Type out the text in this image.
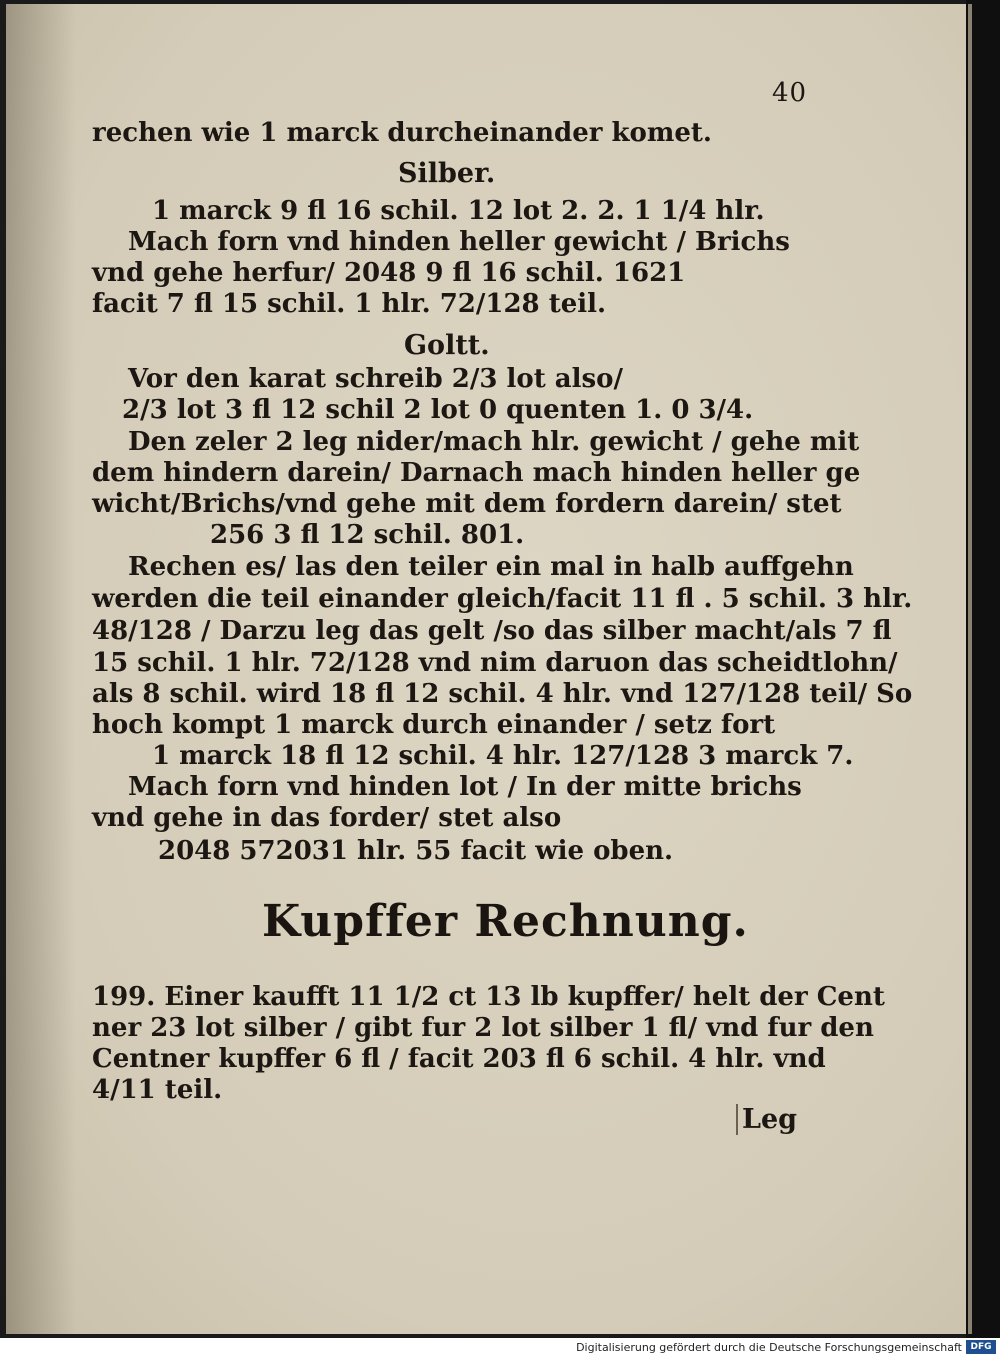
40
rechen wie 1 marck durcheinander komet.
Silber.
1 marck 9 fl 16 schil. 12 lot 2. 2. 1 1/4 hlr.
Mach forn vnd hinden heller gewicht / Brichs
vnd gehe herfur/ 2048 9 fl 16 schil. 1621
facit 7 fl 15 schil. 1 hlr. 72/128 teil.
Goltt.
Vor den karat schreib 2/3 lot also/
2/3 lot 3 fl 12 schil 2 lot 0 quenten 1. 0 3/4.
Den zeler 2 leg nider/mach hlr. gewicht / gehe mit
dem hindern darein/ Darnach mach hinden heller ge
wicht/Brichs/vnd gehe mit dem fordern darein/ stet
256 3 fl 12 schil. 801.
Rechen es/ las den teiler ein mal in halb auffgehn
werden die teil einander gleich/facit 11 fl . 5 schil. 3 hlr.
48/128 / Darzu leg das gelt /so das silber macht/als 7 fl
15 schil. 1 hlr. 72/128 vnd nim daruon das scheidtlohn/
als 8 schil. wird 18 fl 12 schil. 4 hlr. vnd 127/128 teil/ So
hoch kompt 1 marck durch einander / setz fort
1 marck 18 fl 12 schil. 4 hlr. 127/128 3 marck 7.
Mach forn vnd hinden lot / In der mitte brichs
vnd gehe in das forder/ stet also
2048 572031 hlr. 55 facit wie oben.
Kupffer Rechnung.
199. Einer kaufft 11 1/2 ct 13 lb kupffer/ helt der Cent
ner 23 lot silber / gibt fur 2 lot silber 1 fl/ vnd fur den
Centner kupffer 6 fl / facit 203 fl 6 schil. 4 hlr. vnd
4/11 teil.
Leg
Digitalisierung gefördert durch die Deutsche Forschungsgemeinschaft DFG
